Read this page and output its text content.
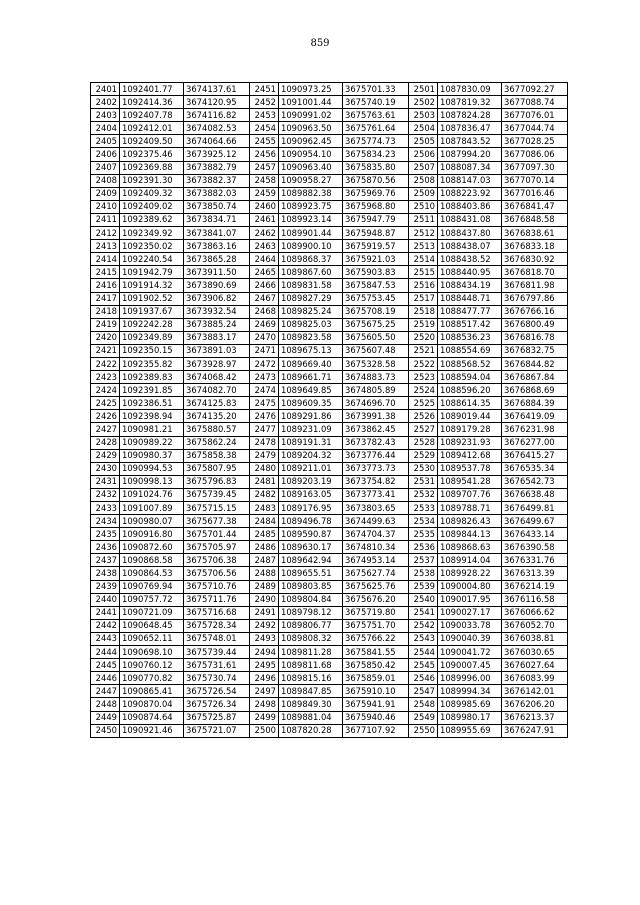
859
2401	1092401.77	3674137.61	2451	1090973.25	3675701.33	2501	1087830.09	3677092.27
2402	1092414.36	3674120.95	2452	1091001.44	3675740.19	2502	1087819.32	3677088.74
2403	1092407.78	3674116.82	2453	1090991.02	3675763.61	2503	1087824.28	3677076.01
2404	1092412.01	3674082.53	2454	1090963.50	3675761.64	2504	1087836.47	3677044.74
2405	1092409.50	3674064.66	2455	1090962.45	3675774.73	2505	1087843.52	3677028.25
2406	1092375.46	3673925.12	2456	1090954.10	3675834.23	2506	1087994.20	3677086.06
2407	1092369.88	3673882.79	2457	1090963.40	3675835.80	2507	1088087.34	3677097.30
2408	1092391.30	3673882.37	2458	1090958.27	3675870.56	2508	1088147.03	3677070.14
2409	1092409.32	3673882.03	2459	1089882.38	3675969.76	2509	1088223.92	3677016.46
2410	1092409.02	3673850.74	2460	1089923.75	3675968.80	2510	1088403.86	3676841.47
2411	1092389.62	3673834.71	2461	1089923.14	3675947.79	2511	1088431.08	3676848.58
2412	1092349.92	3673841.07	2462	1089901.44	3675948.87	2512	1088437.80	3676838.61
2413	1092350.02	3673863.16	2463	1089900.10	3675919.57	2513	1088438.07	3676833.18
2414	1092240.54	3673865.28	2464	1089868.37	3675921.03	2514	1088438.52	3676830.92
2415	1091942.79	3673911.50	2465	1089867.60	3675903.83	2515	1088440.95	3676818.70
2416	1091914.32	3673890.69	2466	1089831.58	3675847.53	2516	1088434.19	3676811.98
2417	1091902.52	3673906.82	2467	1089827.29	3675753.45	2517	1088448.71	3676797.86
2418	1091937.67	3673932.54	2468	1089825.24	3675708.19	2518	1088477.77	3676766.16
2419	1092242.28	3673885.24	2469	1089825.03	3675675.25	2519	1088517.42	3676800.49
2420	1092349.89	3673883.17	2470	1089823.58	3675605.50	2520	1088536.23	3676816.78
2421	1092350.15	3673891.03	2471	1089675.13	3675607.48	2521	1088554.69	3676832.75
2422	1092355.82	3673928.97	2472	1089669.40	3675328.58	2522	1088568.52	3676844.82
2423	1092389.83	3674068.42	2473	1089661.71	3674883.73	2523	1088594.04	3676867.84
2424	1092391.85	3674082.70	2474	1089649.85	3674805.89	2524	1088596.20	3676868.69
2425	1092386.51	3674125.83	2475	1089609.35	3674696.70	2525	1088614.35	3676884.39
2426	1092398.94	3674135.20	2476	1089291.86	3673991.38	2526	1089019.44	3676419.09
2427	1090981.21	3675880.57	2477	1089231.09	3673862.45	2527	1089179.28	3676231.98
2428	1090989.22	3675862.24	2478	1089191.31	3673782.43	2528	1089231.93	3676277.00
2429	1090980.37	3675858.38	2479	1089204.32	3673776.44	2529	1089412.68	3676415.27
2430	1090994.53	3675807.95	2480	1089211.01	3673773.73	2530	1089537.78	3676535.34
2431	1090998.13	3675796.83	2481	1089203.19	3673754.82	2531	1089541.28	3676542.73
2432	1091024.76	3675739.45	2482	1089163.05	3673773.41	2532	1089707.76	3676638.48
2433	1091007.89	3675715.15	2483	1089176.95	3673803.65	2533	1089788.71	3676499.81
2434	1090980.07	3675677.38	2484	1089496.78	3674499.63	2534	1089826.43	3676499.67
2435	1090916.80	3675701.44	2485	1089590.87	3674704.37	2535	1089844.13	3676433.14
2436	1090872.60	3675705.97	2486	1089630.17	3674810.34	2536	1089868.63	3676390.58
2437	1090868.58	3675706.38	2487	1089642.94	3674953.14	2537	1089914.04	3676331.76
2438	1090864.53	3675706.56	2488	1089655.51	3675627.74	2538	1089928.22	3676313.39
2439	1090769.94	3675710.76	2489	1089803.85	3675625.76	2539	1090004.80	3676214.19
2440	1090757.72	3675711.76	2490	1089804.84	3675676.20	2540	1090017.95	3676116.58
2441	1090721.09	3675716.68	2491	1089798.12	3675719.80	2541	1090027.17	3676066.62
2442	1090648.45	3675728.34	2492	1089806.77	3675751.70	2542	1090033.78	3676052.70
2443	1090652.11	3675748.01	2493	1089808.32	3675766.22	2543	1090040.39	3676038.81
2444	1090698.10	3675739.44	2494	1089811.28	3675841.55	2544	1090041.72	3676030.65
2445	1090760.12	3675731.61	2495	1089811.68	3675850.42	2545	1090007.45	3676027.64
2446	1090770.82	3675730.74	2496	1089815.16	3675859.01	2546	1089996.00	3676083.99
2447	1090865.41	3675726.54	2497	1089847.85	3675910.10	2547	1089994.34	3676142.01
2448	1090870.04	3675726.34	2498	1089849.30	3675941.91	2548	1089985.69	3676206.20
2449	1090874.64	3675725.87	2499	1089881.04	3675940.46	2549	1089980.17	3676213.37
2450	1090921.46	3675721.07	2500	1087820.28	3677107.92	2550	1089955.69	3676247.91
